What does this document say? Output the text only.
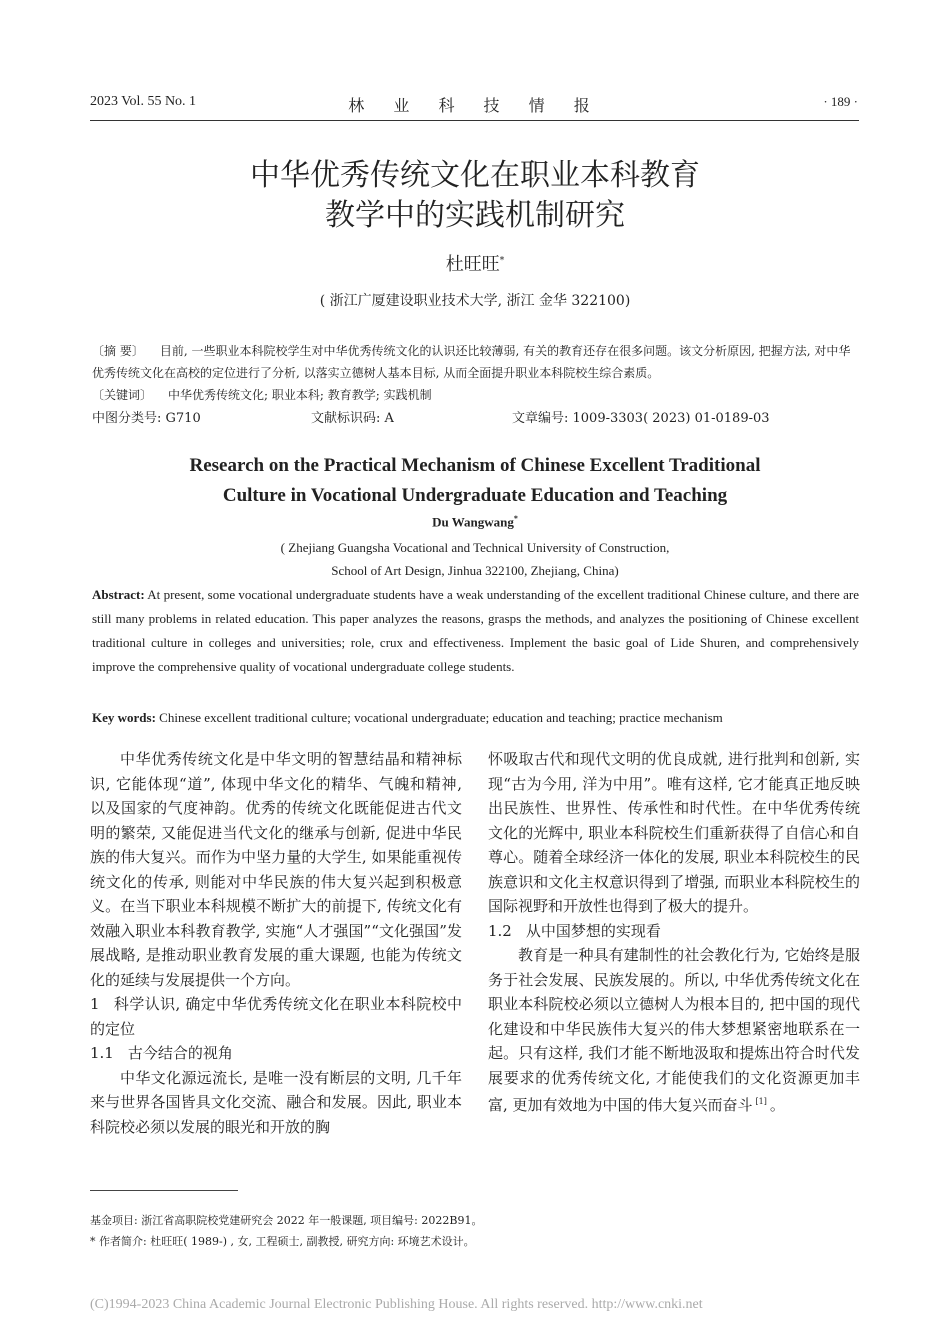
2023 Vol. 55 No. 1	林 业 科 技 情 报	· 189 ·
中华优秀传统文化在职业本科教育
教学中的实践机制研究
杜旺旺*
( 浙江广厦建设职业技术大学, 浙江 金华 322100)
〔摘 要〕 目前, 一些职业本科院校学生对中华优秀传统文化的认识还比较薄弱, 有关的教育还存在很多问题。该文分析原因, 把握方法, 对中华优秀传统文化在高校的定位进行了分析, 以落实立德树人基本目标, 从而全面提升职业本科院校生综合素质。
〔关键词〕 中华优秀传统文化; 职业本科; 教育教学; 实践机制
中图分类号: G710	文献标识码: A	文章编号: 1009-3303( 2023) 01-0189-03
Research on the Practical Mechanism of Chinese Excellent Traditional
Culture in Vocational Undergraduate Education and Teaching
Du Wangwang*
( Zhejiang Guangsha Vocational and Technical University of Construction,
School of Art Design, Jinhua 322100, Zhejiang, China)
Abstract: At present, some vocational undergraduate students have a weak understanding of the excellent traditional Chinese culture, and there are still many problems in related education. This paper analyzes the reasons, grasps the methods, and analyzes the positioning of Chinese excellent traditional culture in colleges and universities; role, crux and effectiveness. Implement the basic goal of Lide Shuren, and comprehensively improve the comprehensive quality of vocational undergraduate college students.
Key words: Chinese excellent traditional culture; vocational undergraduate; education and teaching; practice mechanism

中华优秀传统文化是中华文明的智慧结晶和精神标识, 它能体现“道”, 体现中华文化的精华、气魄和精神, 以及国家的气度神韵。优秀的传统文化既能促进古代文明的繁荣, 又能促进当代文化的继承与创新, 促进中华民族的伟大复兴。而作为中坚力量的大学生, 如果能重视传统文化的传承, 则能对中华民族的伟大复兴起到积极意义。在当下职业本科规模不断扩大的前提下, 传统文化有效融入职业本科教育教学, 实施“人才强国”“文化强国”发展战略, 是推动职业教育发展的重大课题, 也能为传统文化的延续与发展提供一个方向。

1 科学认识, 确定中华优秀传统文化在职业本科院校中的定位

1.1 古今结合的视角

中华文化源远流长, 是唯一没有断层的文明, 几千年来与世界各国皆具文化交流、融合和发展。因此, 职业本科院校必须以发展的眼光和开放的胸

怀吸取古代和现代文明的优良成就, 进行批判和创新, 实现“古为今用, 洋为中用”。唯有这样, 它才能真正地反映出民族性、世界性、传承性和时代性。在中华优秀传统文化的光辉中, 职业本科院校生们重新获得了自信心和自尊心。随着全球经济一体化的发展, 职业本科院校生的民族意识和文化主权意识得到了增强, 而职业本科院校生的国际视野和开放性也得到了极大的提升。

1.2 从中国梦想的实现看

教育是一种具有建制性的社会教化行为, 它始终是服务于社会发展、民族发展的。所以, 中华优秀传统文化在职业本科院校必须以立德树人为根本目的, 把中国的现代化建设和中华民族伟大复兴的伟大梦想紧密地联系在一起。只有这样, 我们才能不断地汲取和提炼出符合时代发展要求的优秀传统文化, 才能使我们的文化资源更加丰富, 更加有效地为中国的伟大复兴而奋斗 [1] 。

基金项目: 浙江省高职院校党建研究会 2022 年一般课题, 项目编号: 2022B91。
* 作者简介: 杜旺旺( 1989-) , 女, 工程硕士, 副教授, 研究方向: 环境艺术设计。
(C)1994-2023 China Academic Journal Electronic Publishing House. All rights reserved. http://www.cnki.net
